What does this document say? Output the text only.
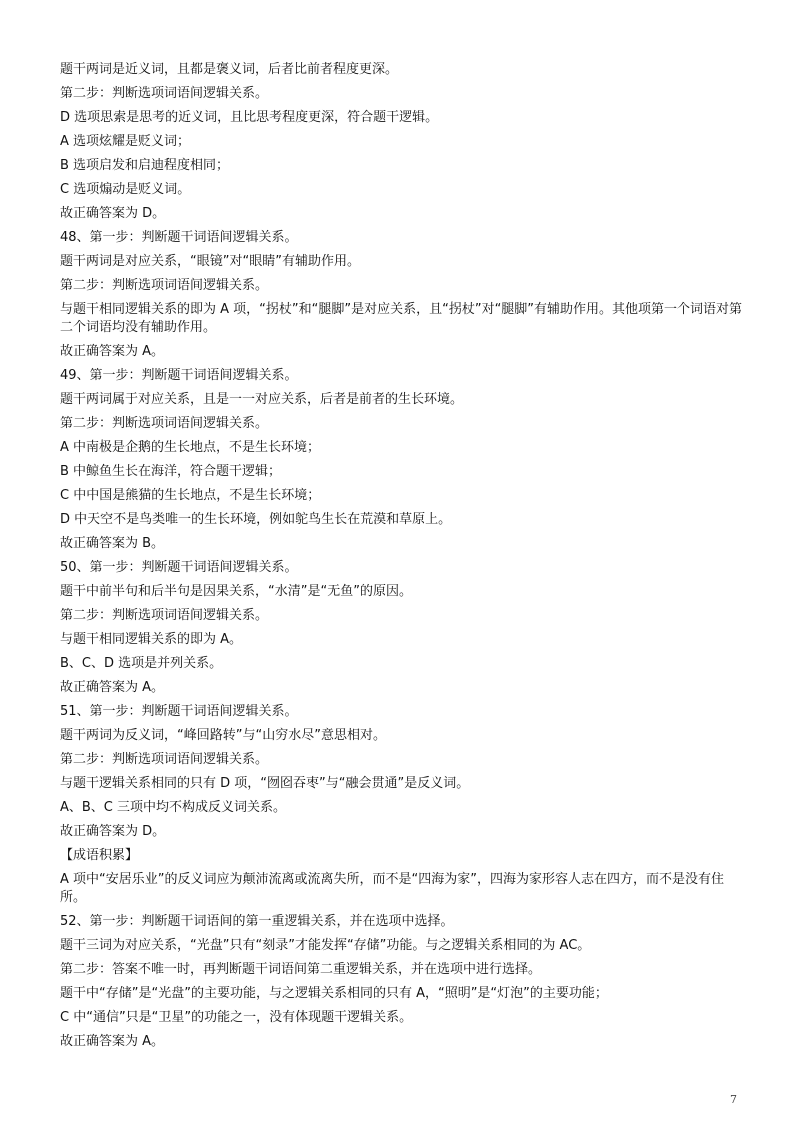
题干两词是近义词，且都是褒义词，后者比前者程度更深。
第二步：判断选项词语间逻辑关系。
D 选项思索是思考的近义词，且比思考程度更深，符合题干逻辑。
A 选项炫耀是贬义词；
B 选项启发和启迪程度相同；
C 选项煽动是贬义词。
故正确答案为 D。
48、第一步：判断题干词语间逻辑关系。
题干两词是对应关系，“眼镜”对“眼睛”有辅助作用。
第二步：判断选项词语间逻辑关系。
与题干相同逻辑关系的即为 A 项，“拐杖”和“腿脚”是对应关系，且“拐杖”对“腿脚”有辅助作用。其他项第一个词语对第二个词语均没有辅助作用。
故正确答案为 A。
49、第一步：判断题干词语间逻辑关系。
题干两词属于对应关系，且是一一对应关系，后者是前者的生长环境。
第二步：判断选项词语间逻辑关系。
A 中南极是企鹅的生长地点，不是生长环境；
B 中鲸鱼生长在海洋，符合题干逻辑；
C 中中国是熊猫的生长地点，不是生长环境；
D 中天空不是鸟类唯一的生长环境，例如鸵鸟生长在荒漠和草原上。
故正确答案为 B。
50、第一步：判断题干词语间逻辑关系。
题干中前半句和后半句是因果关系，“水清”是“无鱼”的原因。
第二步：判断选项词语间逻辑关系。
与题干相同逻辑关系的即为 A。
B、C、D 选项是并列关系。
故正确答案为 A。
51、第一步：判断题干词语间逻辑关系。
题干两词为反义词，“峰回路转”与“山穷水尽”意思相对。
第二步：判断选项词语间逻辑关系。
与题干逻辑关系相同的只有 D 项，“囫囵吞枣”与“融会贯通”是反义词。
A、B、C 三项中均不构成反义词关系。
故正确答案为 D。
【成语积累】
A 项中“安居乐业”的反义词应为颠沛流离或流离失所，而不是“四海为家”，四海为家形容人志在四方，而不是没有住所。
52、第一步：判断题干词语间的第一重逻辑关系，并在选项中选择。
题干三词为对应关系，“光盘”只有“刻录”才能发挥“存储”功能。与之逻辑关系相同的为 AC。
第二步：答案不唯一时，再判断题干词语间第二重逻辑关系，并在选项中进行选择。
题干中“存储”是“光盘”的主要功能，与之逻辑关系相同的只有 A，“照明”是“灯泡”的主要功能；
C 中“通信”只是“卫星”的功能之一，没有体现题干逻辑关系。
故正确答案为 A。
7
